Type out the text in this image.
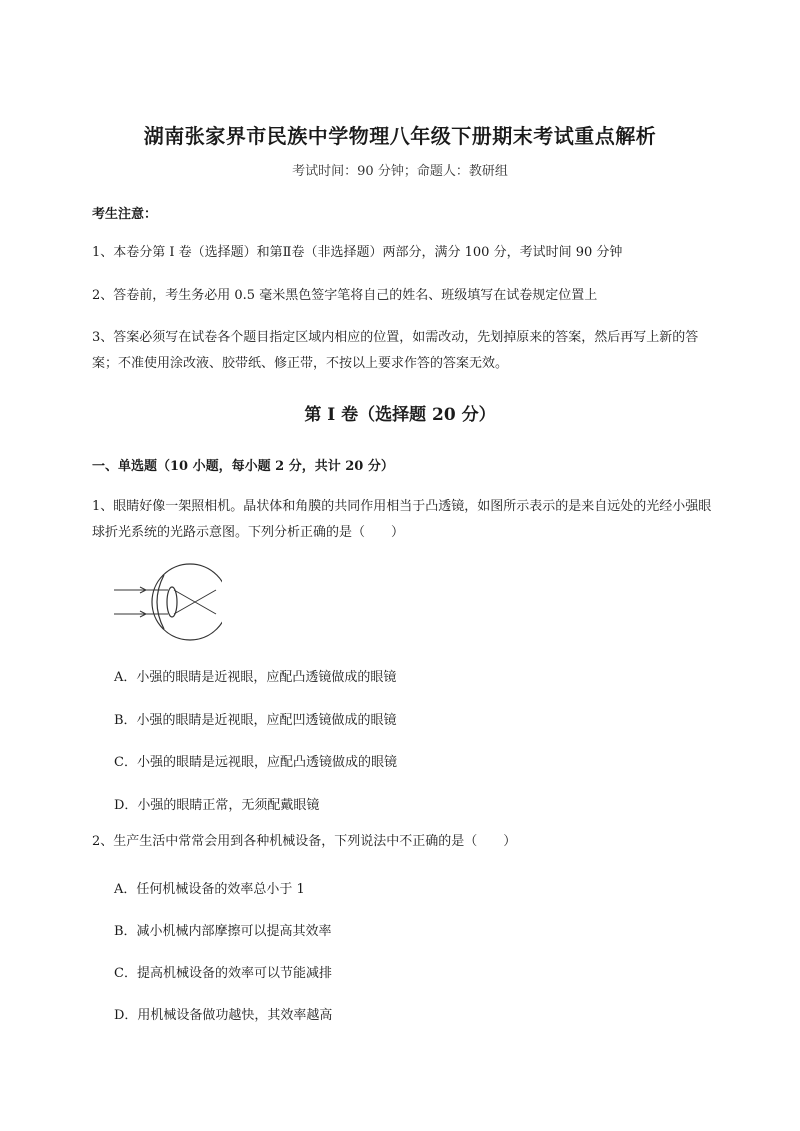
湖南张家界市民族中学物理八年级下册期末考试重点解析
考试时间：90 分钟；命题人：教研组
考生注意：
1、本卷分第 I 卷（选择题）和第Ⅱ卷（非选择题）两部分，满分 100 分，考试时间 90 分钟
2、答卷前，考生务必用 0.5 毫米黑色签字笔将自己的姓名、班级填写在试卷规定位置上
3、答案必须写在试卷各个题目指定区域内相应的位置，如需改动，先划掉原来的答案，然后再写上新的答案；不准使用涂改液、胶带纸、修正带，不按以上要求作答的答案无效。
第 I 卷（选择题 20 分）
一、单选题（10 小题，每小题 2 分，共计 20 分）
1、眼睛好像一架照相机。晶状体和角膜的共同作用相当于凸透镜，如图所示表示的是来自远处的光经小强眼球折光系统的光路示意图。下列分析正确的是（　　）
A．小强的眼睛是近视眼，应配凸透镜做成的眼镜
B．小强的眼睛是近视眼，应配凹透镜做成的眼镜
C．小强的眼睛是远视眼，应配凸透镜做成的眼镜
D．小强的眼睛正常，无须配戴眼镜
2、生产生活中常常会用到各种机械设备，下列说法中不正确的是（　　）
A．任何机械设备的效率总小于 1
B．减小机械内部摩擦可以提高其效率
C．提高机械设备的效率可以节能减排
D．用机械设备做功越快，其效率越高
